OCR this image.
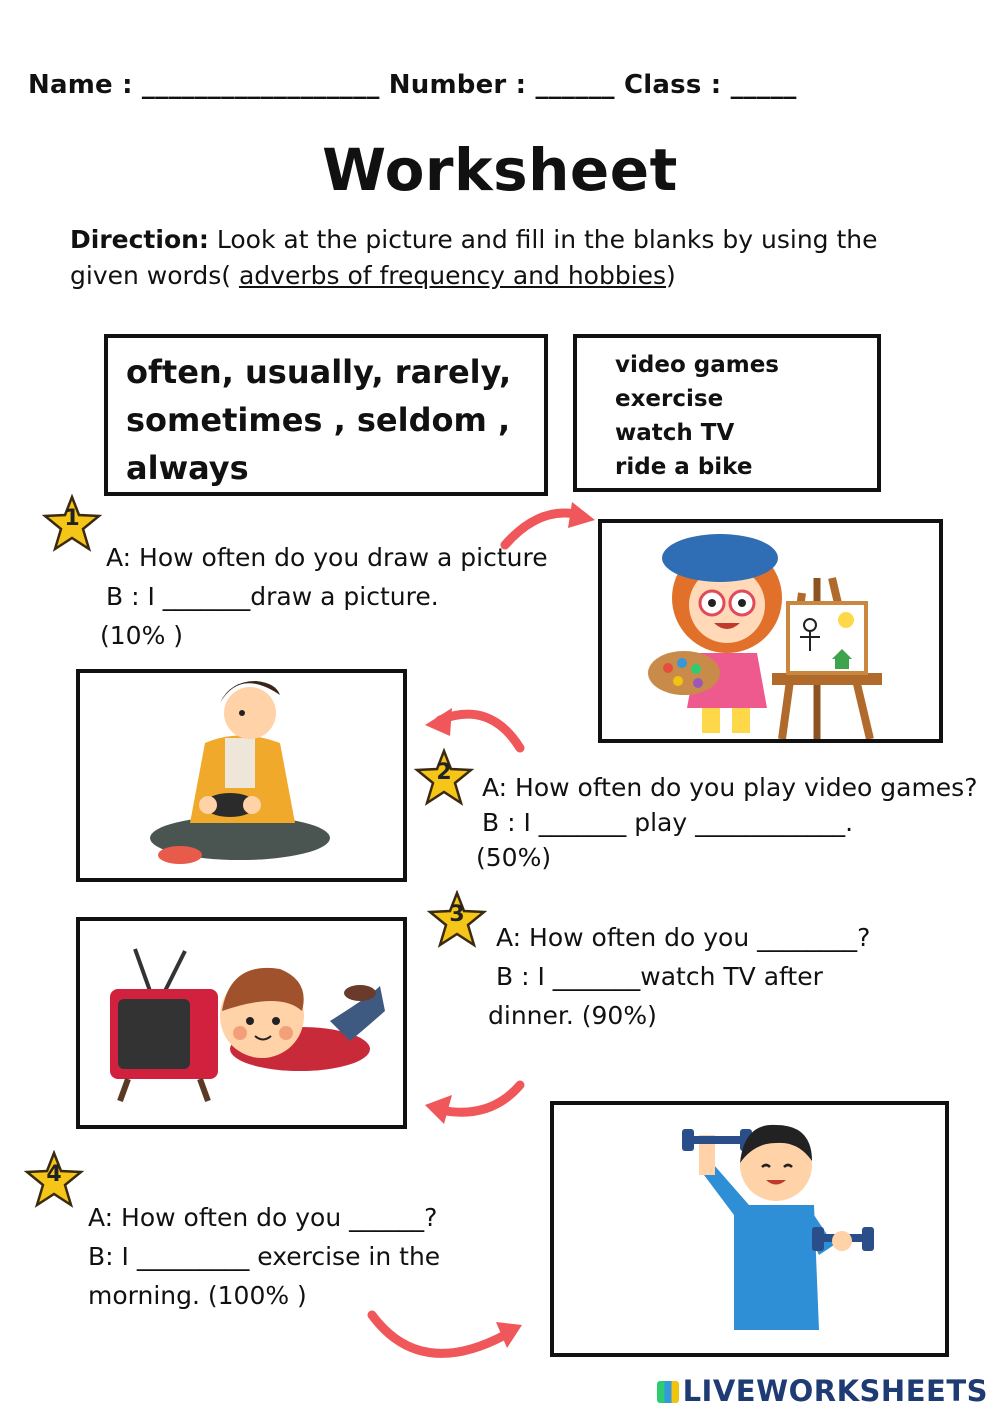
Name : __________________ Number : ______ Class : _____
Worksheet
Direction: Look at the picture and fill in the blanks by using the given words( adverbs of frequency and hobbies)
often, usually, rarely,
sometimes , seldom ,
always
video games
exercise
watch TV
ride a bike
1
2
3
4
A: How often do you draw a picture
B : I _______draw a picture.
(10% )
A: How often do you play video games?
B : I _______ play ____________.
(50%)
A: How often do you ________?
B : I _______watch TV after
dinner. (90%)
A: How often do you ______?
B: I _________ exercise in the
morning. (100% )
LIVEWORKSHEETS
